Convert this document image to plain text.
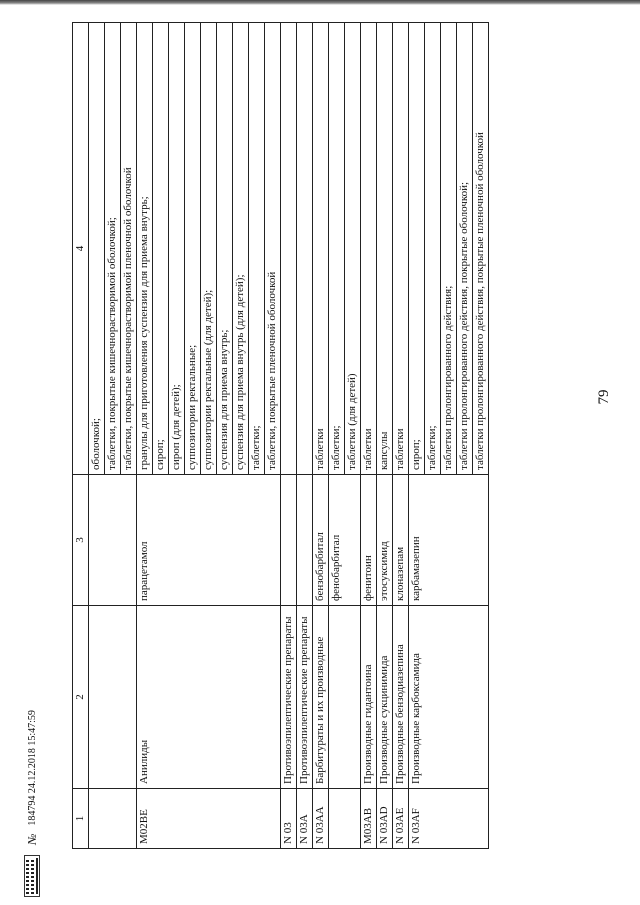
79
№
184794 24.12.2018 15:47:59	1	2	3	4
			оболочкой;
			таблетки, покрытые кишечнорастворимой оболочкой;
			таблетки, покрытые кишечнорастворимой пленочной оболочкой
M02BE	Анилиды	парацетамол	гранулы для приготовления суспензии для приема внутрь;
			сироп;
			сироп (для детей);
			суппозитории ректальные;
			суппозитории ректальные (для детей);
			суспензия для приема внутрь;
			суспензия для приема внутрь (для детей);
			таблетки;
			таблетки, покрытые пленочной оболочкой
N 03	Противоэпилептические препараты		
N 03A	Противоэпилептические препараты		
N 03AA	Барбитураты и их производные	бензобарбитал	таблетки
		фенобарбитал	таблетки;
			таблетки (для детей)
M03AB	Производные гидантоина	фенитоин	таблетки
N 03AD	Производные сукцинимида	этосуксимид	капсулы
N 03AE	Производные бензодиазепина	клоназепам	таблетки
N 03AF	Производные карбоксамида	карбамазепин	сироп;
			таблетки;
			таблетки пролонгированного действия;
			таблетки пролонгированного действия, покрытые оболочкой;
			таблетки пролонгированного действия, покрытые пленочной оболочкой
